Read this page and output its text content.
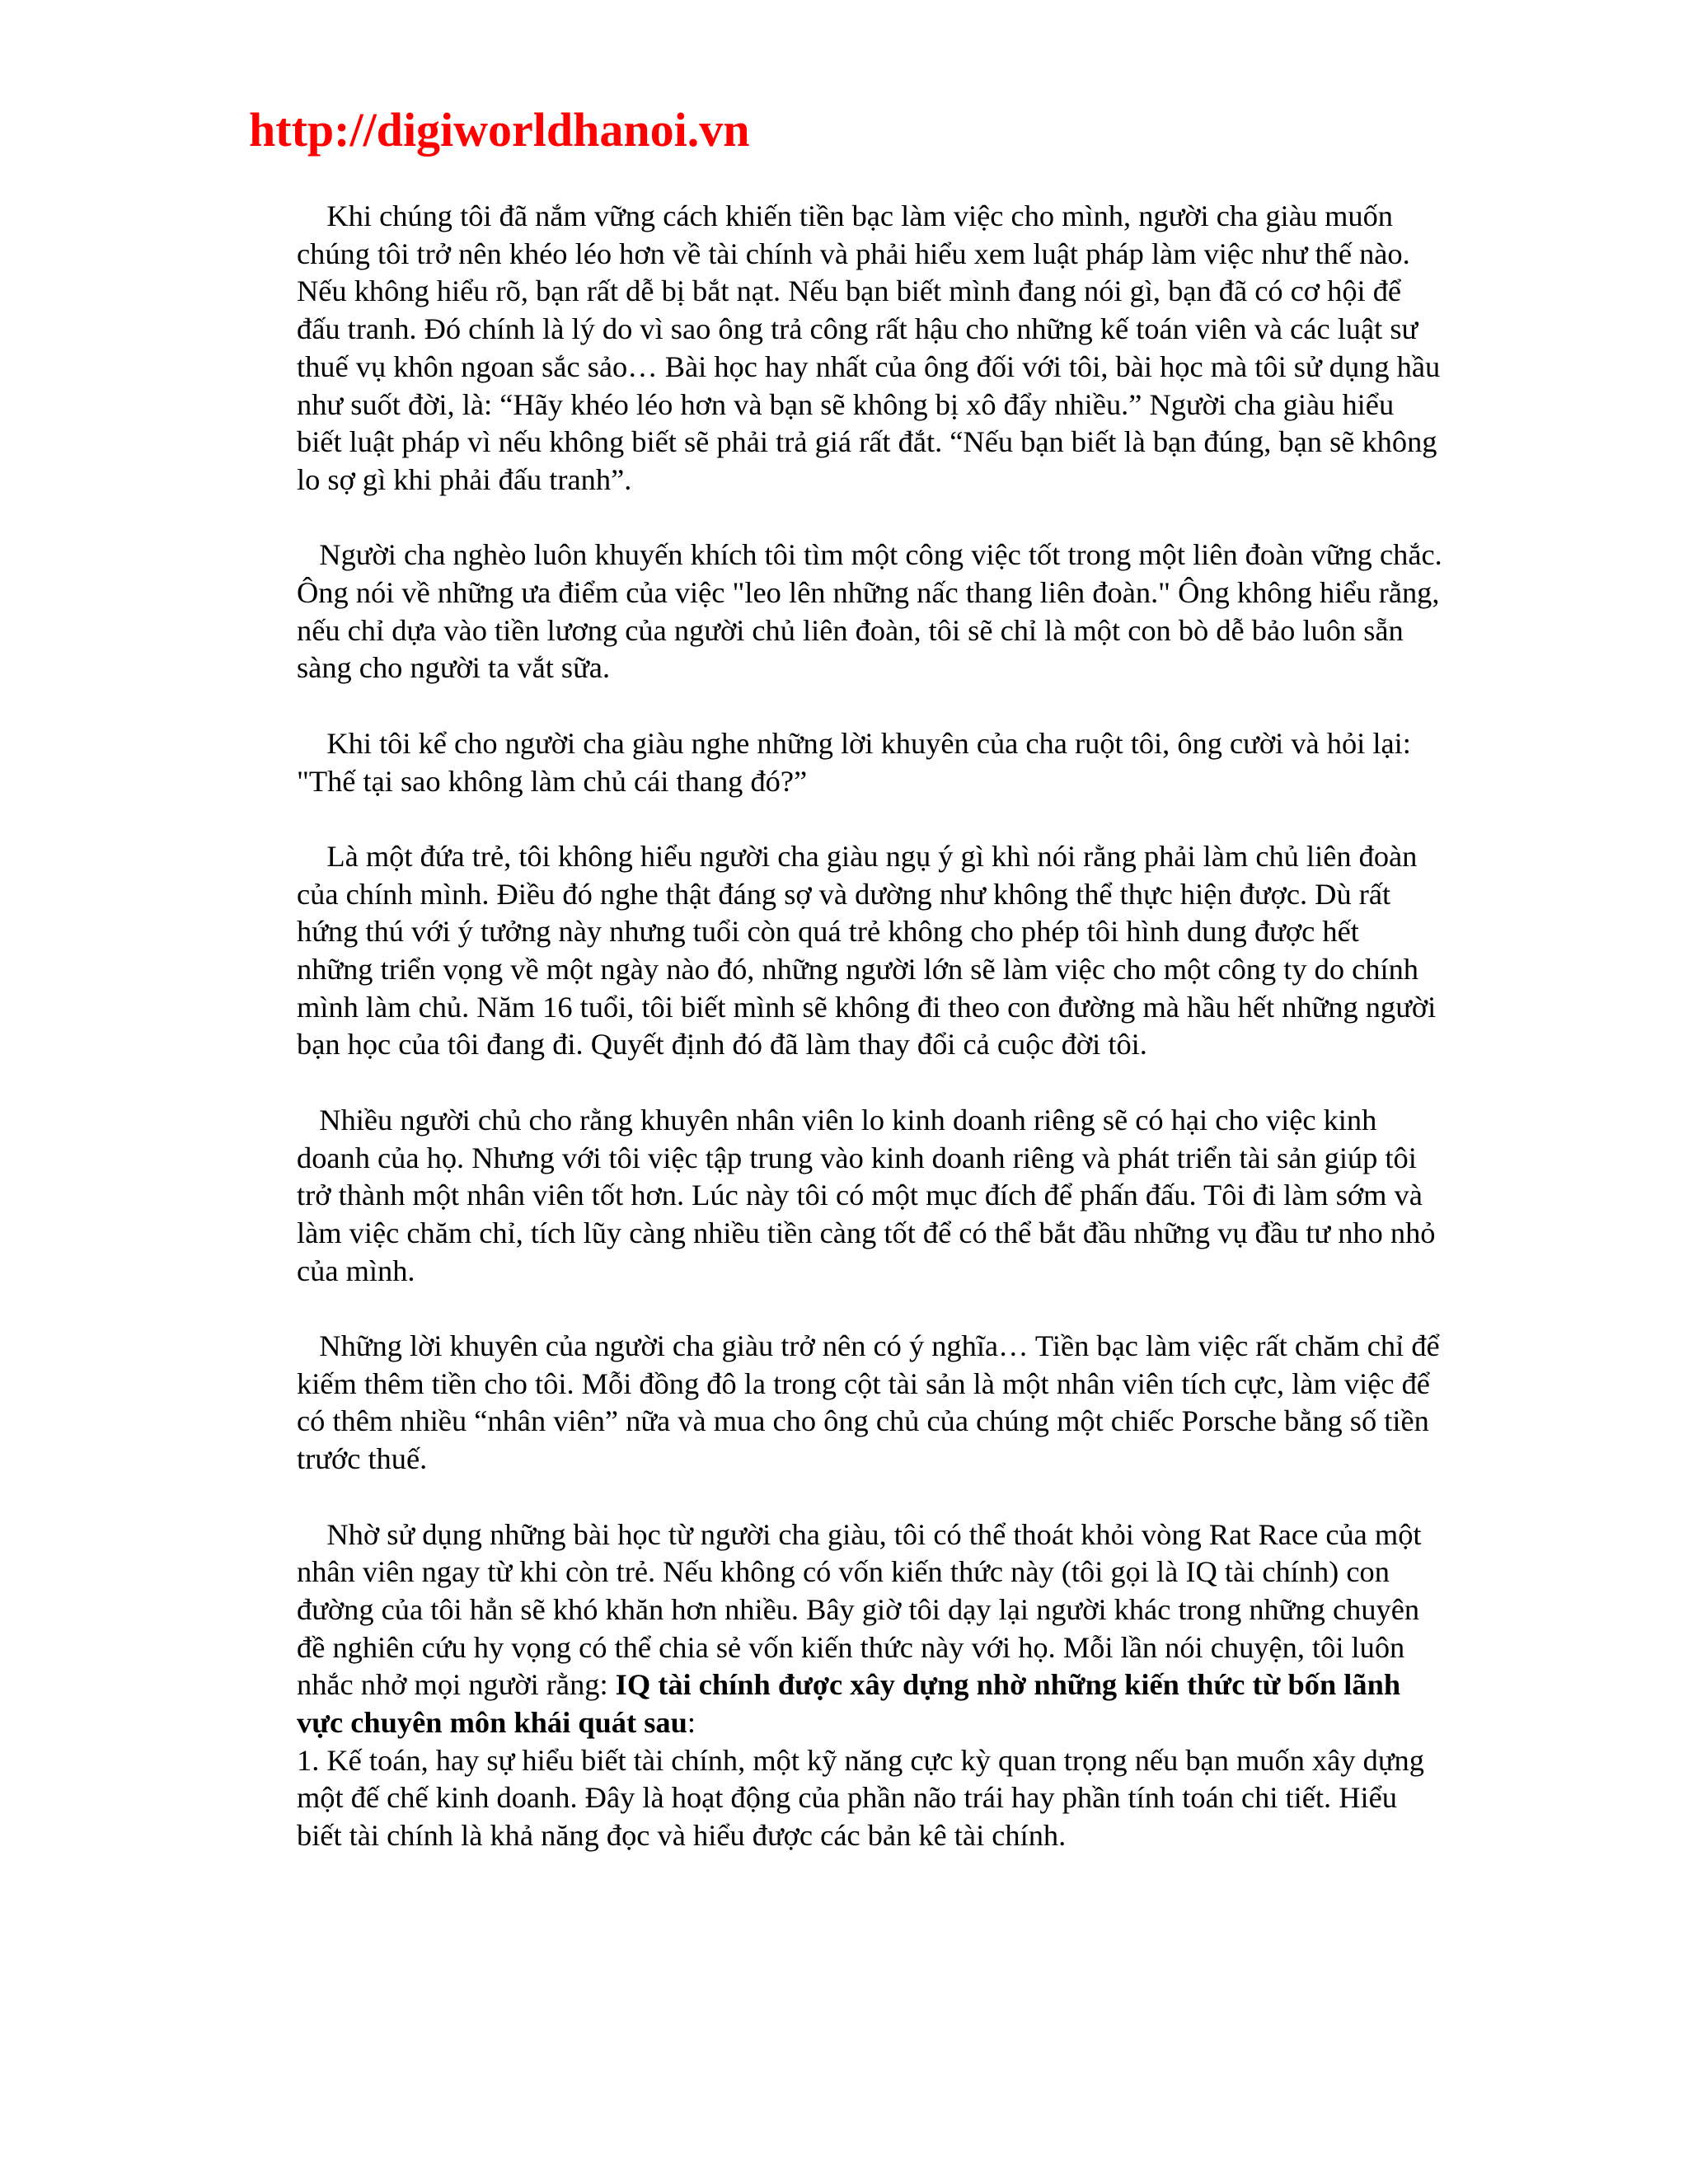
http://digiworldhanoi.vn

Khi chúng tôi đã nắm vững cách khiến tiền bạc làm việc cho mình, người cha giàu muốn chúng tôi trở nên khéo léo hơn về tài chính và phải hiểu xem luật pháp làm việc như thế nào. Nếu không hiểu rõ, bạn rất dễ bị bắt nạt. Nếu bạn biết mình đang nói gì, bạn đã có cơ hội để đấu tranh. Đó chính là lý do vì sao ông trả công rất hậu cho những kế toán viên và các luật sư thuế vụ khôn ngoan sắc sảo… Bài học hay nhất của ông đối với tôi, bài học mà tôi sử dụng hầu như suốt đời, là: “Hãy khéo léo hơn và bạn sẽ không bị xô đẩy nhiều.” Người cha giàu hiểu biết luật pháp vì nếu không biết sẽ phải trả giá rất đắt. “Nếu bạn biết là bạn đúng, bạn sẽ không lo sợ gì khi phải đấu tranh”.

Người cha nghèo luôn khuyến khích tôi tìm một công việc tốt trong một liên đoàn vững chắc. Ông nói về những ưa điểm của việc "leo lên những nấc thang liên đoàn." Ông không hiểu rằng, nếu chỉ dựa vào tiền lương của người chủ liên đoàn, tôi sẽ chỉ là một con bò dễ bảo luôn sẵn sàng cho người ta vắt sữa.

Khi tôi kể cho người cha giàu nghe những lời khuyên của cha ruột tôi, ông cười và hỏi lại: "Thế tại sao không làm chủ cái thang đó?”

Là một đứa trẻ, tôi không hiểu người cha giàu ngụ ý gì khì nói rằng phải làm chủ liên đoàn của chính mình. Điều đó nghe thật đáng sợ và dường như không thể thực hiện được. Dù rất hứng thú với ý tưởng này nhưng tuổi còn quá trẻ không cho phép tôi hình dung được hết những triển vọng về một ngày nào đó, những người lớn sẽ làm việc cho một công ty do chính mình làm chủ. Năm 16 tuổi, tôi biết mình sẽ không đi theo con đường mà hầu hết những người bạn học của tôi đang đi. Quyết định đó đã làm thay đổi cả cuộc đời tôi.

Nhiều người chủ cho rằng khuyên nhân viên lo kinh doanh riêng sẽ có hại cho việc kinh doanh của họ. Nhưng với tôi việc tập trung vào kinh doanh riêng và phát triển tài sản giúp tôi trở thành một nhân viên tốt hơn. Lúc này tôi có một mục đích để phấn đấu. Tôi đi làm sớm và làm việc chăm chỉ, tích lũy càng nhiều tiền càng tốt để có thể bắt đầu những vụ đầu tư nho nhỏ của mình.

Những lời khuyên của người cha giàu trở nên có ý nghĩa… Tiền bạc làm việc rất chăm chỉ để kiếm thêm tiền cho tôi. Mỗi đồng đô la trong cột tài sản là một nhân viên tích cực, làm việc để có thêm nhiều “nhân viên” nữa và mua cho ông chủ của chúng một chiếc Porsche bằng số tiền trước thuế.

Nhờ sử dụng những bài học từ người cha giàu, tôi có thể thoát khỏi vòng Rat Race của một nhân viên ngay từ khi còn trẻ. Nếu không có vốn kiến thức này (tôi gọi là IQ tài chính) con đường của tôi hẳn sẽ khó khăn hơn nhiều. Bây giờ tôi dạy lại người khác trong những chuyên đề nghiên cứu hy vọng có thể chia sẻ vốn kiến thức này với họ. Mỗi lần nói chuyện, tôi luôn nhắc nhở mọi người rằng: IQ tài chính được xây dựng nhờ những kiến thức từ bốn lãnh vực chuyên môn khái quát sau:

1. Kế toán, hay sự hiểu biết tài chính, một kỹ năng cực kỳ quan trọng nếu bạn muốn xây dựng một đế chế kinh doanh. Đây là hoạt động của phần não trái hay phần tính toán chi tiết. Hiểu biết tài chính là khả năng đọc và hiểu được các bản kê tài chính.
